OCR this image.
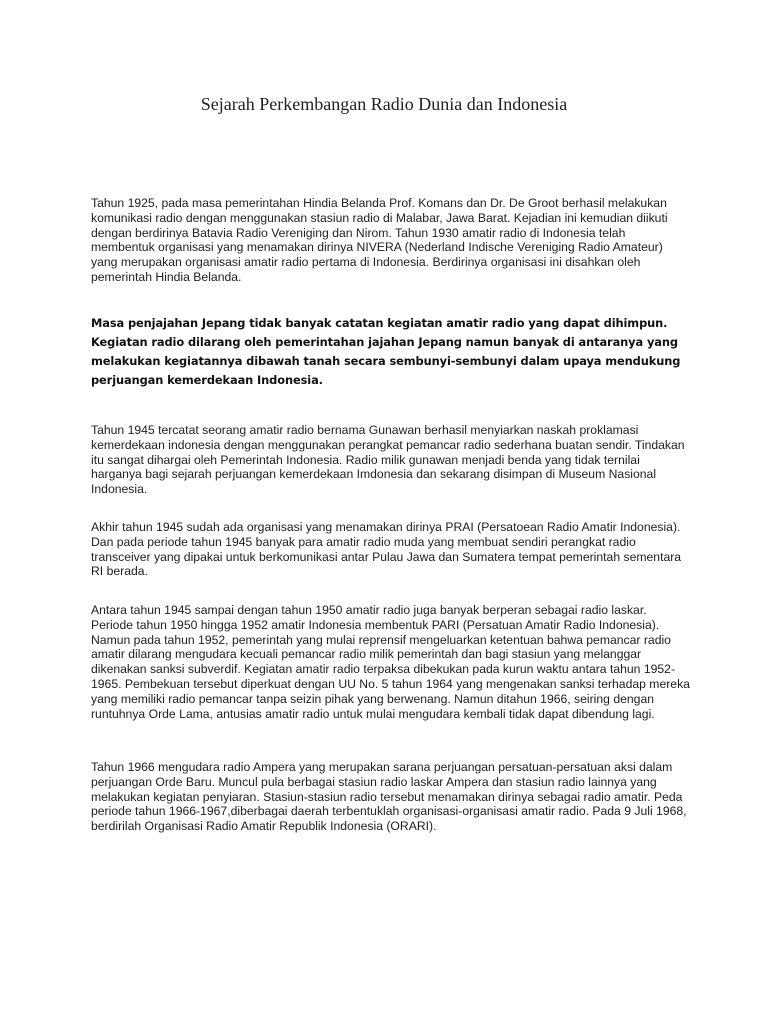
Sejarah Perkembangan Radio Dunia dan Indonesia

Tahun 1925, pada masa pemerintahan Hindia Belanda Prof. Komans dan Dr. De Groot berhasil melakukan komunikasi radio dengan menggunakan stasiun radio di Malabar, Jawa Barat. Kejadian ini kemudian diikuti dengan berdirinya Batavia Radio Vereniging dan Nirom. Tahun 1930 amatir radio di Indonesia telah membentuk organisasi yang menamakan dirinya NIVERA (Nederland Indische Vereniging Radio Amateur) yang merupakan organisasi amatir radio pertama di Indonesia. Berdirinya organisasi ini disahkan oleh pemerintah Hindia Belanda.

Masa penjajahan Jepang tidak banyak catatan kegiatan amatir radio yang dapat dihimpun. Kegiatan radio dilarang oleh pemerintahan jajahan Jepang namun banyak di antaranya yang melakukan kegiatannya dibawah tanah secara sembunyi-sembunyi dalam upaya mendukung perjuangan kemerdekaan Indonesia.

Tahun 1945 tercatat seorang amatir radio bernama Gunawan berhasil menyiarkan naskah proklamasi kemerdekaan indonesia dengan menggunakan perangkat pemancar radio sederhana buatan sendir. Tindakan itu sangat dihargai oleh Pemerintah Indonesia. Radio milik gunawan menjadi benda yang tidak ternilai harganya bagi sejarah perjuangan kemerdekaan Imdonesia dan sekarang disimpan di Museum Nasional Indonesia.

Akhir tahun 1945 sudah ada organisasi yang menamakan dirinya PRAI (Persatoean Radio Amatir Indonesia). Dan pada periode tahun 1945 banyak para amatir radio muda yang membuat sendiri perangkat radio transceiver yang dipakai untuk berkomunikasi antar Pulau Jawa dan Sumatera tempat pemerintah sementara RI berada.

Antara tahun 1945 sampai dengan tahun 1950 amatir radio juga banyak berperan sebagai radio laskar. Periode tahun 1950 hingga 1952 amatir Indonesia membentuk PARI (Persatuan Amatir Radio Indonesia). Namun pada tahun 1952, pemerintah yang mulai reprensif mengeluarkan ketentuan bahwa pemancar radio amatir dilarang mengudara kecuali pemancar radio milik pemerintah dan bagi stasiun yang melanggar dikenakan sanksi subverdif. Kegiatan amatir radio terpaksa dibekukan pada kurun waktu antara tahun 1952-1965. Pembekuan tersebut diperkuat dengan UU No. 5 tahun 1964 yang mengenakan sanksi terhadap mereka yang memiliki radio pemancar tanpa seizin pihak yang berwenang. Namun ditahun 1966, seiring dengan runtuhnya Orde Lama, antusias amatir radio untuk mulai mengudara kembali tidak dapat dibendung lagi.

Tahun 1966 mengudara radio Ampera yang merupakan sarana perjuangan persatuan-persatuan aksi dalam perjuangan Orde Baru. Muncul pula berbagai stasiun radio laskar Ampera dan stasiun radio lainnya yang melakukan kegiatan penyiaran. Stasiun-stasiun radio tersebut menamakan dirinya sebagai radio amatir. Peda periode tahun 1966-1967,diberbagai daerah terbentuklah organisasi-organisasi amatir radio. Pada 9 Juli 1968, berdirilah Organisasi Radio Amatir Republik Indonesia (ORARI).
